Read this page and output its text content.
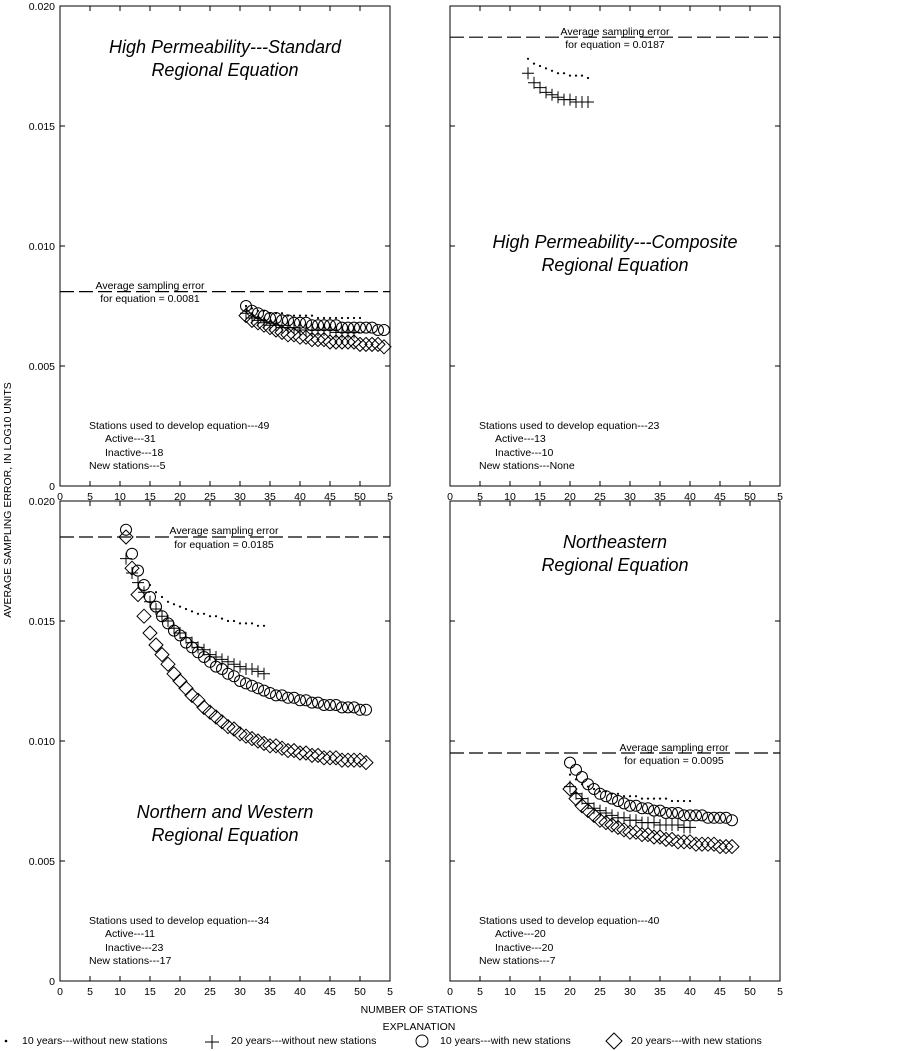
AVERAGE SAMPLING ERROR, IN LOG10 UNITS
High Permeability---Standard
Regional Equation
Average sampling error
for equation = 0.0081
Stations used to develop equation---49
Active---31
Inactive---18
New stations---5
High Permeability---Composite
Regional Equation
Average sampling error
for equation = 0.0187
Stations used to develop equation---23
Active---13
Inactive---10
New stations---None
Northern and Western
Regional Equation
Average sampling error
for equation = 0.0185
Stations used to develop equation---34
Active---11
Inactive---23
New stations---17
Northeastern
Regional Equation
Average sampling error
for equation = 0.0095
Stations used to develop equation---40
Active---20
Inactive---20
New stations---7
NUMBER OF STATIONS
EXPLANATION
10 years---without new stations	20 years---without new stations	10 years---with new stations	20 years---with new stations
0 5 10 15 20 25 30 35 40 45 50 5
0
0.005
0.010
0.015
0.020
0 5 10 15 20 25 30 35 40 45 50 5
0 5 10 15 20 25 30 35 40 45 50 5
0
0.005
0.010
0.015
0.020
0 5 10 15 20 25 30 35 40 45 50 5
